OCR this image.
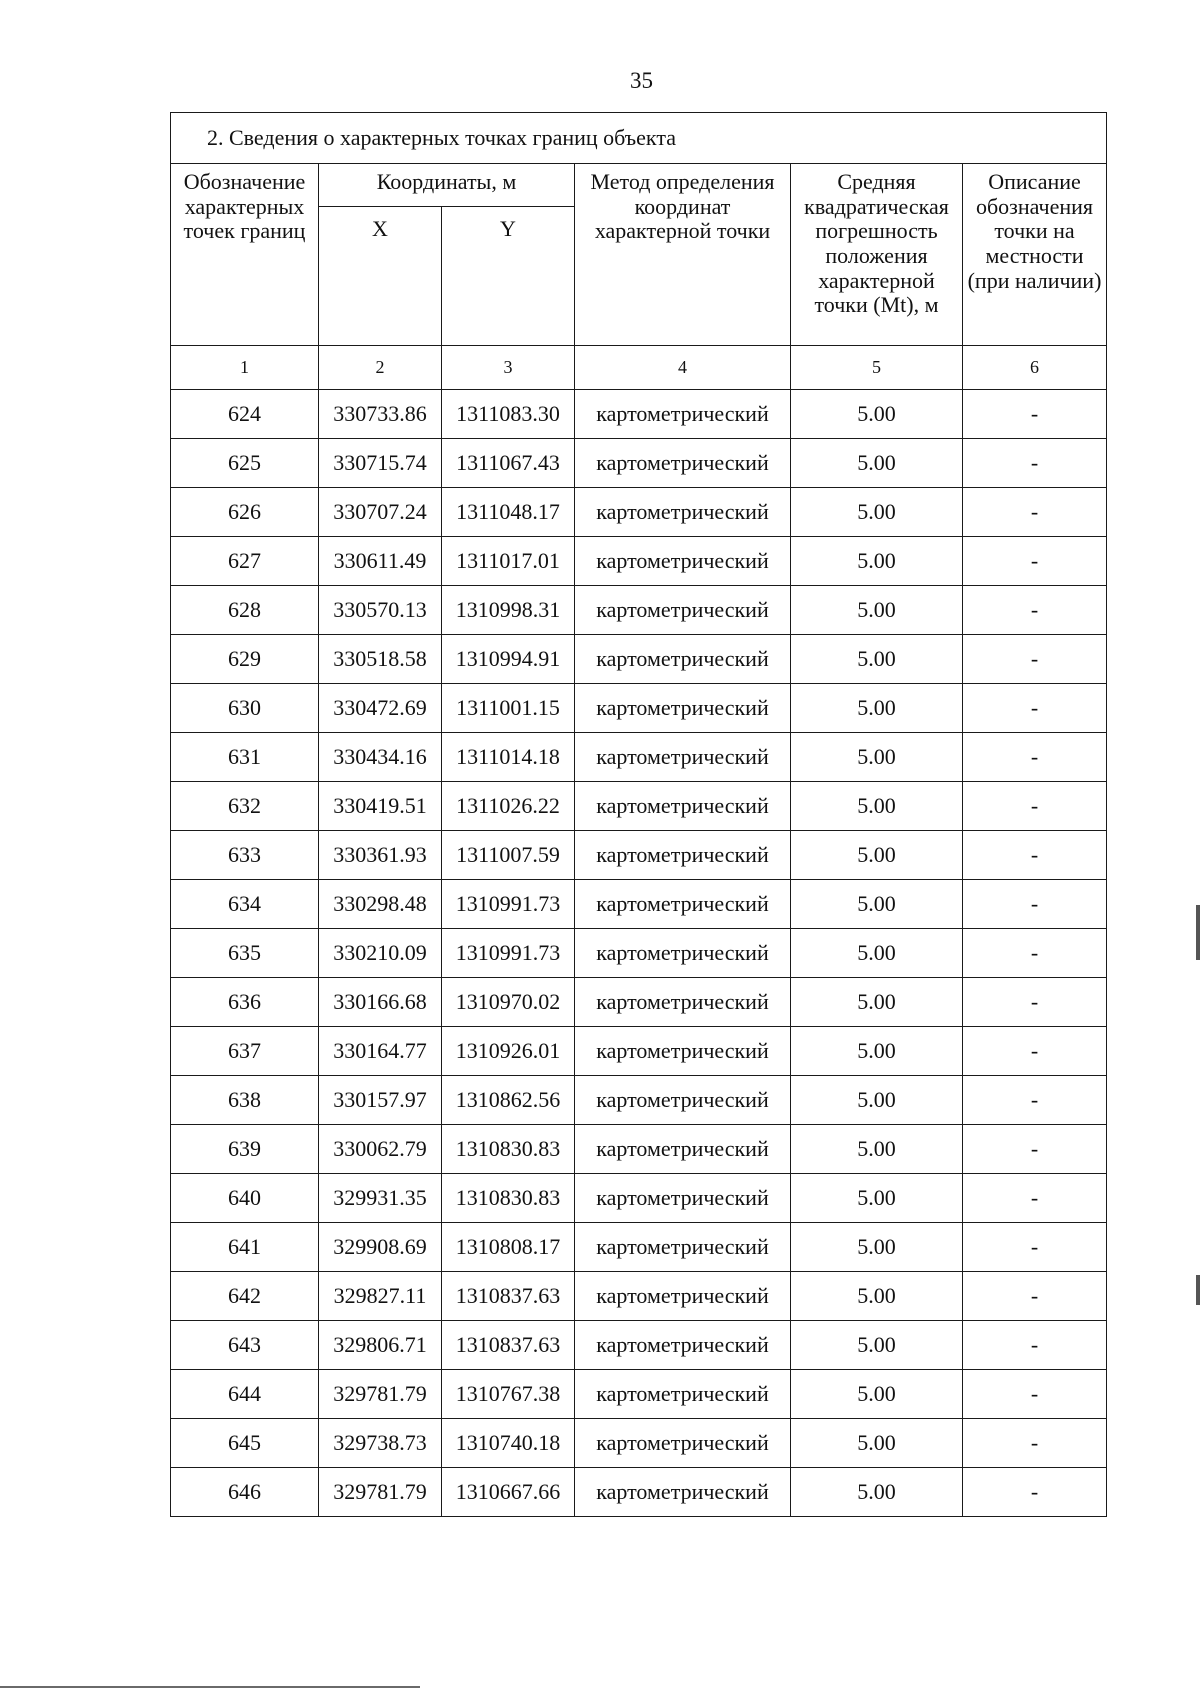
35
2. Сведения о характерных точках границ объекта					
Обозначение характерных точек границ	Координаты, м		Метод определения координат характерной точки	Средняя квадратическая погрешность положения характерной точки (Mt), м	Описание обозначения точки на местности (при наличии)
	X	Y			
1	2	3	4	5	6
624	330733.86	1311083.30	картометрический	5.00	-
625	330715.74	1311067.43	картометрический	5.00	-
626	330707.24	1311048.17	картометрический	5.00	-
627	330611.49	1311017.01	картометрический	5.00	-
628	330570.13	1310998.31	картометрический	5.00	-
629	330518.58	1310994.91	картометрический	5.00	-
630	330472.69	1311001.15	картометрический	5.00	-
631	330434.16	1311014.18	картометрический	5.00	-
632	330419.51	1311026.22	картометрический	5.00	-
633	330361.93	1311007.59	картометрический	5.00	-
634	330298.48	1310991.73	картометрический	5.00	-
635	330210.09	1310991.73	картометрический	5.00	-
636	330166.68	1310970.02	картометрический	5.00	-
637	330164.77	1310926.01	картометрический	5.00	-
638	330157.97	1310862.56	картометрический	5.00	-
639	330062.79	1310830.83	картометрический	5.00	-
640	329931.35	1310830.83	картометрический	5.00	-
641	329908.69	1310808.17	картометрический	5.00	-
642	329827.11	1310837.63	картометрический	5.00	-
643	329806.71	1310837.63	картометрический	5.00	-
644	329781.79	1310767.38	картометрический	5.00	-
645	329738.73	1310740.18	картометрический	5.00	-
646	329781.79	1310667.66	картометрический	5.00	-
